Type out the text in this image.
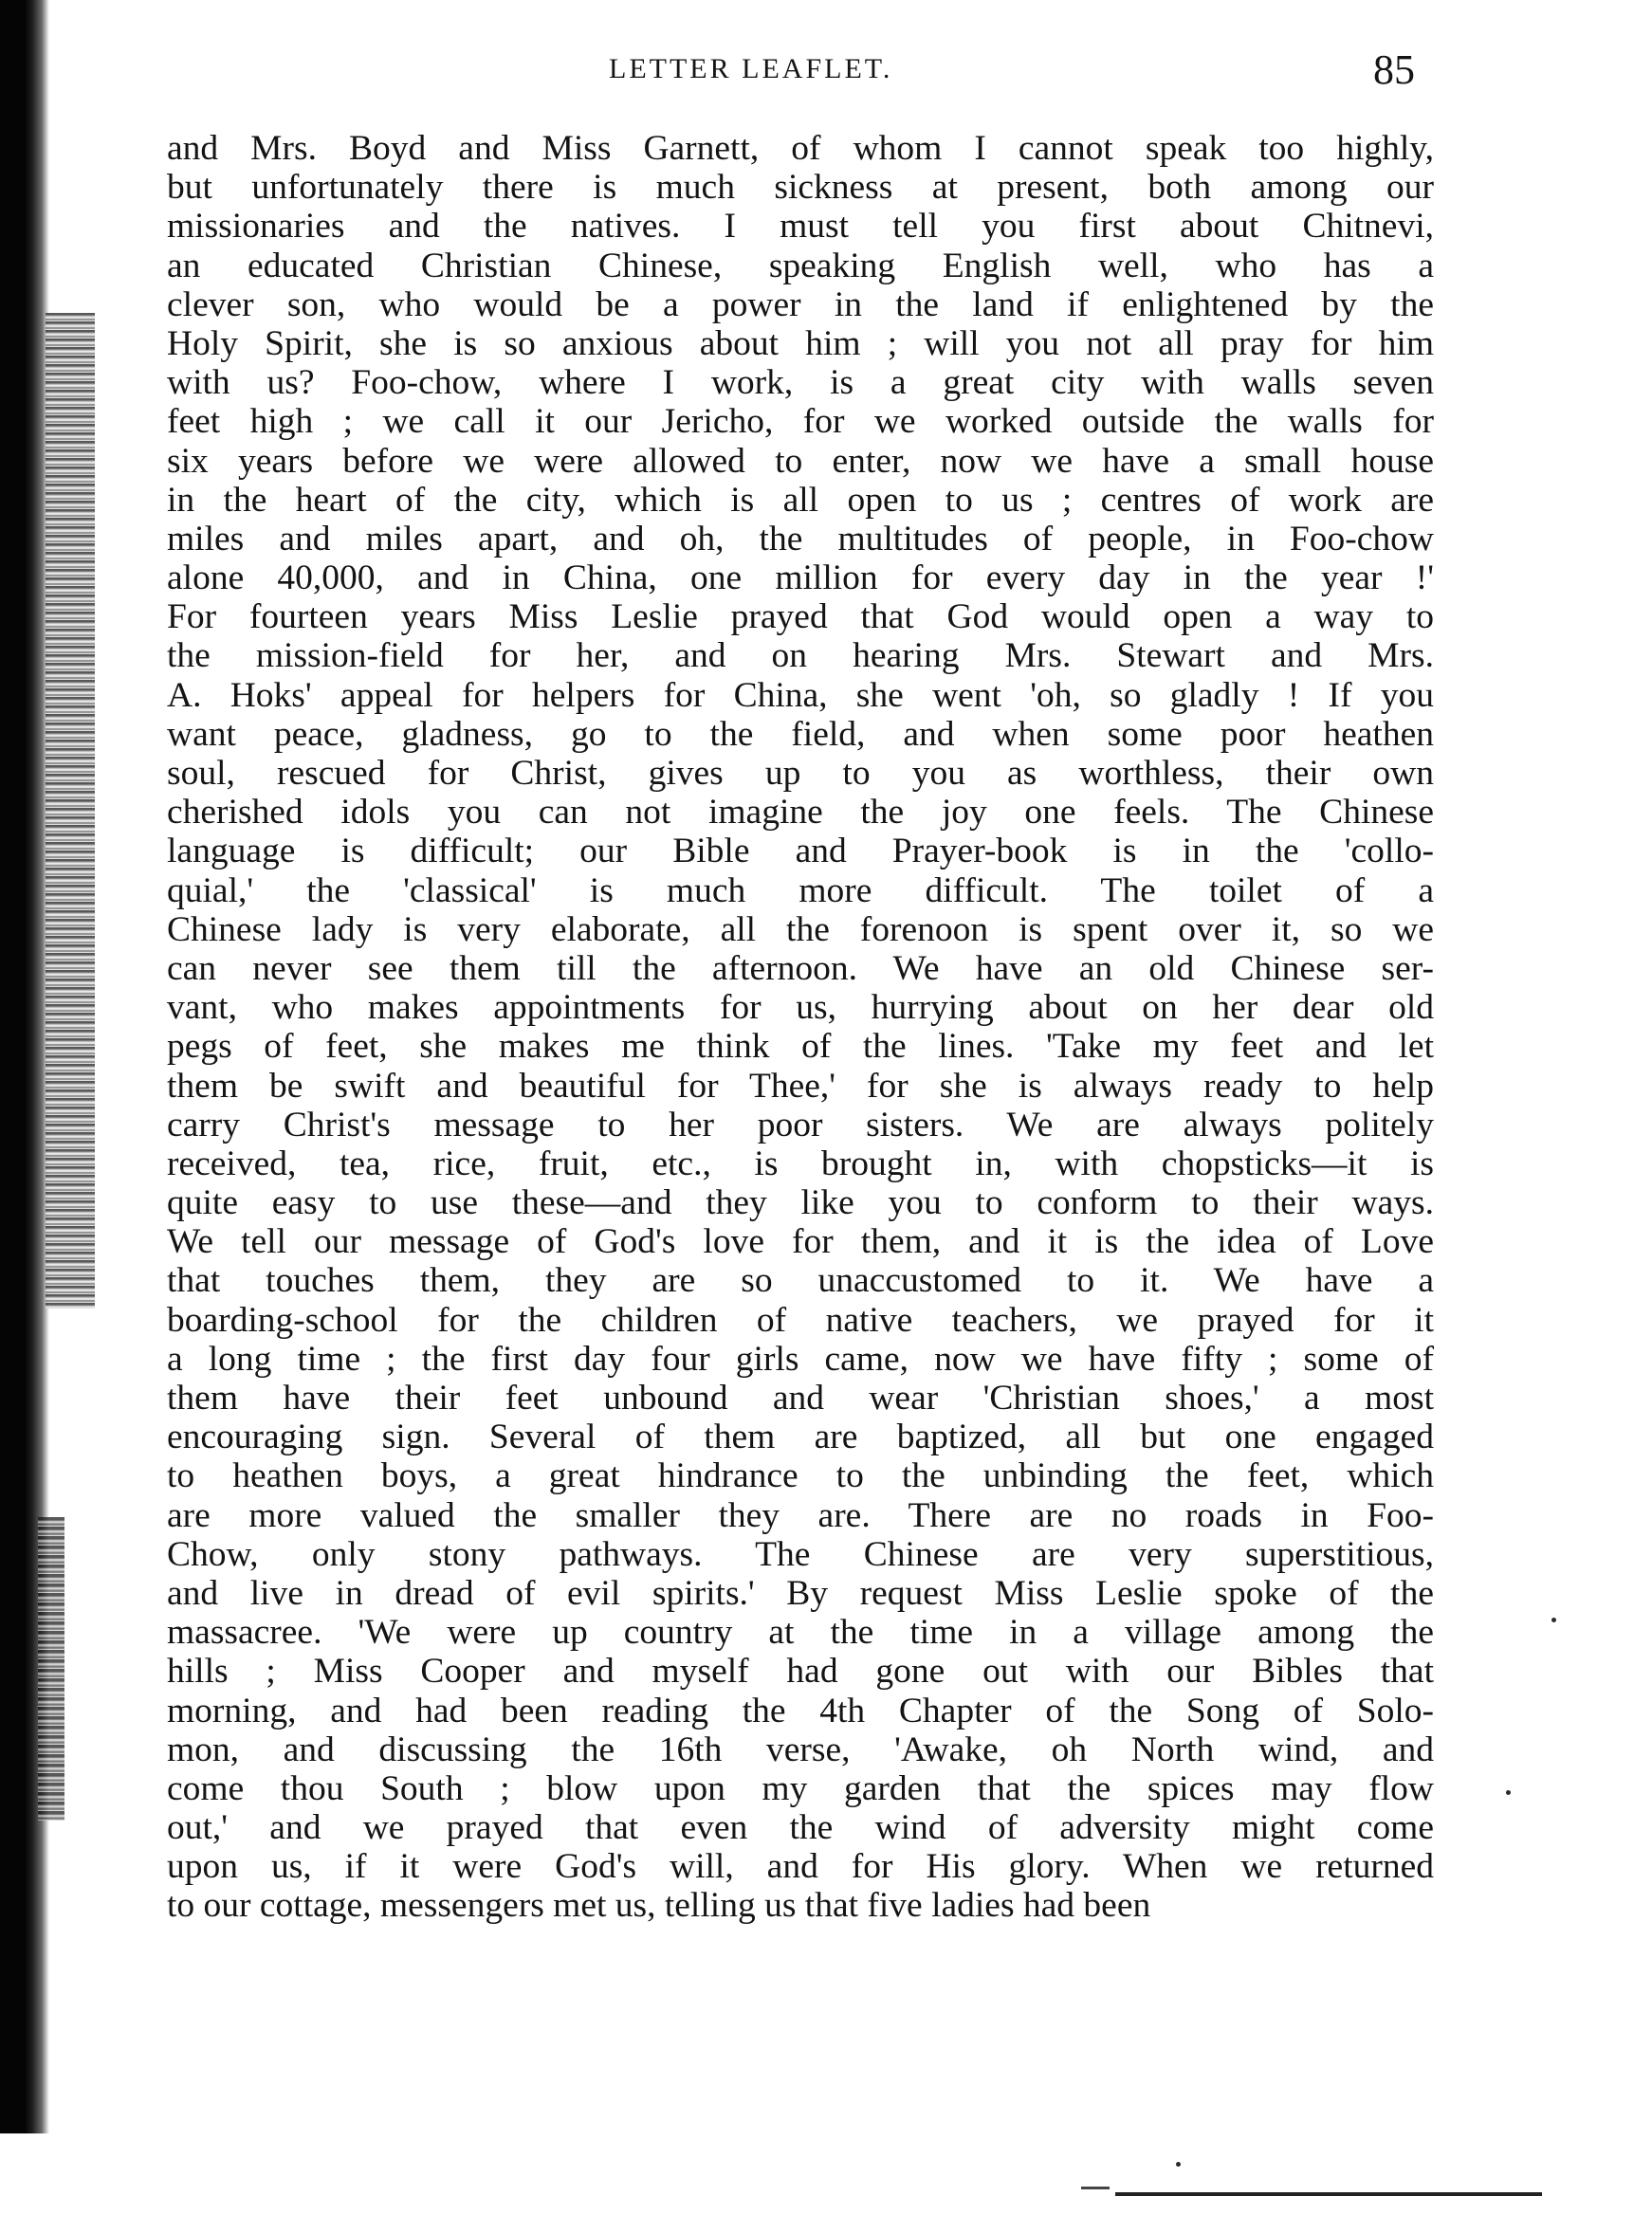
LETTER LEAFLET.	85
and Mrs. Boyd and Miss Garnett, of whom I cannot speak too highly,
but unfortunately there is much sickness at present, both among our
missionaries and the natives. I must tell you first about Chitnevi,
an educated Christian Chinese, speaking English well, who has a
clever son, who would be a power in the land if enlightened by the
Holy Spirit, she is so anxious about him ; will you not all pray for him
with us? Foo-chow, where I work, is a great city with walls seven
feet high ; we call it our Jericho, for we worked outside the walls for
six years before we were allowed to enter, now we have a small house
in the heart of the city, which is all open to us ; centres of work are
miles and miles apart, and oh, the multitudes of people, in Foo-chow
alone 40,000, and in China, one million for every day in the year !'
For fourteen years Miss Leslie prayed that God would open a way to
the mission-field for her, and on hearing Mrs. Stewart and Mrs.
A. Hoks' appeal for helpers for China, she went 'oh, so gladly ! If you
want peace, gladness, go to the field, and when some poor heathen
soul, rescued for Christ, gives up to you as worthless, their own
cherished idols you can not imagine the joy one feels. The Chinese
language is difficult; our Bible and Prayer-book is in the 'collo-
quial,' the 'classical' is much more difficult. The toilet of a
Chinese lady is very elaborate, all the forenoon is spent over it, so we
can never see them till the afternoon. We have an old Chinese ser-
vant, who makes appointments for us, hurrying about on her dear old
pegs of feet, she makes me think of the lines. 'Take my feet and let
them be swift and beautiful for Thee,' for she is always ready to help
carry Christ's message to her poor sisters. We are always politely
received, tea, rice, fruit, etc., is brought in, with chopsticks—it is
quite easy to use these—and they like you to conform to their ways.
We tell our message of God's love for them, and it is the idea of Love
that touches them, they are so unaccustomed to it. We have a
boarding-school for the children of native teachers, we prayed for it
a long time ; the first day four girls came, now we have fifty ; some of
them have their feet unbound and wear 'Christian shoes,' a most
encouraging sign. Several of them are baptized, all but one engaged
to heathen boys, a great hindrance to the unbinding the feet, which
are more valued the smaller they are. There are no roads in Foo-
Chow, only stony pathways. The Chinese are very superstitious,
and live in dread of evil spirits.' By request Miss Leslie spoke of the
massacree. 'We were up country at the time in a village among the
hills ; Miss Cooper and myself had gone out with our Bibles that
morning, and had been reading the 4th Chapter of the Song of Solo-
mon, and discussing the 16th verse, 'Awake, oh North wind, and
come thou South ; blow upon my garden that the spices may flow
out,' and we prayed that even the wind of adversity might come
upon us, if it were God's will, and for His glory. When we returned
to our cottage, messengers met us, telling us that five ladies had been
